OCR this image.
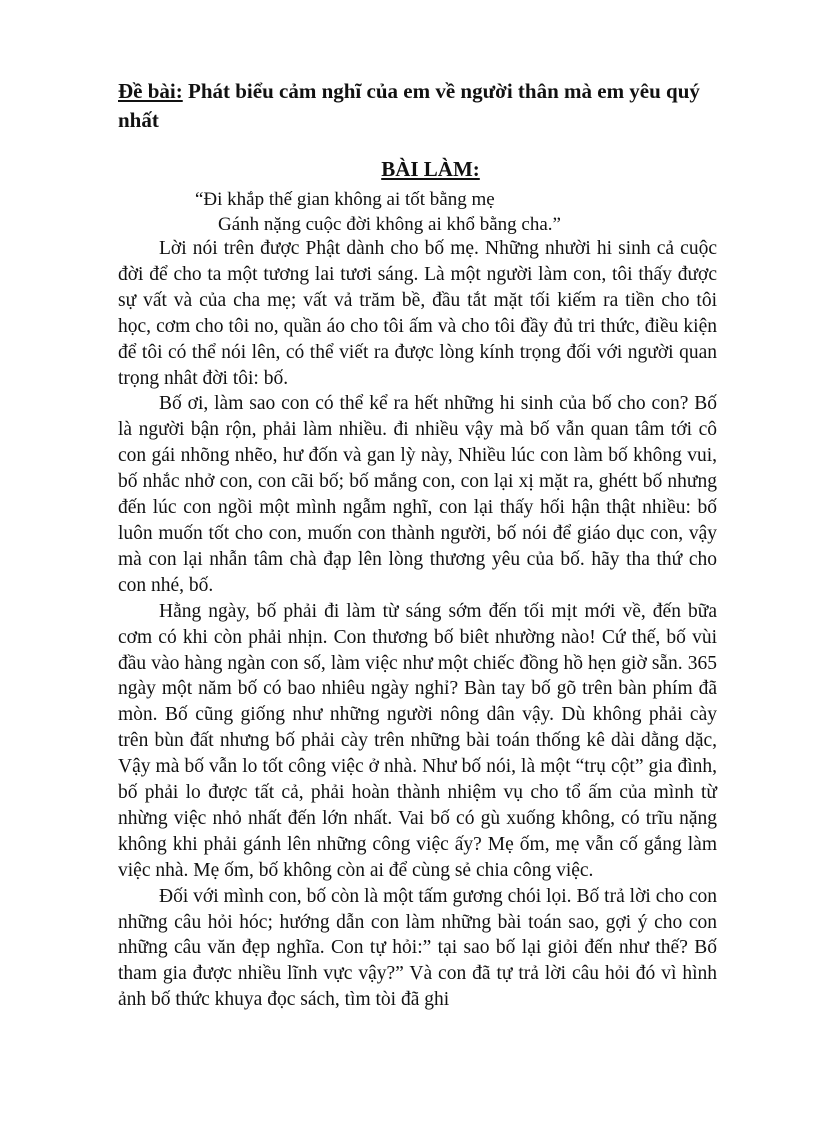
Đề bài: Phát biểu cảm nghĩ của em về người thân mà em yêu quý nhất
BÀI LÀM:

“Đi khắp thế gian không ai tốt bằng mẹ

Gánh nặng cuộc đời không ai khổ bằng cha.”

Lời nói trên được Phật dành cho bố mẹ. Những nhười hi sinh cả cuộc đời để cho ta một tương lai tươi sáng. Là một người làm con, tôi thấy được sự vất và của cha mẹ; vất vả trăm bề, đầu tắt mặt tối kiếm ra tiền cho tôi học, cơm cho tôi no, quần áo cho tôi ấm và cho tôi đầy đủ tri thức, điều kiện để tôi có thể nói lên, có thể viết ra được lòng kính trọng đối với người quan trọng nhât đời tôi: bố.

Bố ơi, làm sao con có thể kể ra hết những hi sinh của bố cho con? Bố là người bận rộn, phải làm nhiều. đi nhiều vậy mà bố vẫn quan tâm tới cô con gái nhõng nhẽo, hư đốn và gan lỳ này, Nhiều lúc con làm bố không vui, bố nhắc nhở con, con cãi bố; bố mắng con, con lại xị mặt ra, ghétt bố nhưng đến lúc con ngồi một mình ngẫm nghĩ, con lại thấy hối hận thật nhiều: bố luôn muốn tốt cho con, muốn con thành người, bố nói để giáo dục con, vậy mà con lại nhẫn tâm chà đạp lên lòng thương yêu của bố. hãy tha thứ cho con nhé, bố.

Hằng ngày, bố phải đi làm từ sáng sớm đến tối mịt mới về, đến bữa cơm có khi còn phải nhịn. Con thương bố biêt nhường nào! Cứ thế, bố vùi đầu vào hàng ngàn con số, làm việc như một chiếc đồng hồ hẹn giờ sẵn. 365 ngày một năm bố có bao nhiêu ngày nghỉ? Bàn tay bố gõ trên bàn phím đã mòn. Bố cũng giống như những người nông dân vậy. Dù không phải cày trên bùn đất nhưng bố phải cày trên những bài toán thống kê dài dằng dặc, Vậy mà bố vẫn lo tốt công việc ở nhà. Như bố nói, là một “trụ cột” gia đình, bố phải lo được tất cả, phải hoàn thành nhiệm vụ cho tổ ấm của mình từ nhừng việc nhỏ nhất đến lớn nhất. Vai bố có gù xuống không, có trĩu nặng không khi phải gánh lên những công việc ấy? Mẹ ốm, mẹ vẫn cố gắng làm việc nhà. Mẹ ốm, bố không còn ai để cùng sẻ chia công việc.

Đối với mình con, bố còn là một tấm gương chói lọi. Bố trả lời cho con những câu hỏi hóc; hướng dẫn con làm những bài toán sao, gợi ý cho con những câu văn đẹp nghĩa. Con tự hỏi:” tại sao bố lại giỏi đến như thế? Bố tham gia được nhiều lĩnh vực vậy?” Và con đã tự trả lời câu hỏi đó vì hình ảnh bố thức khuya đọc sách, tìm tòi đã ghi
